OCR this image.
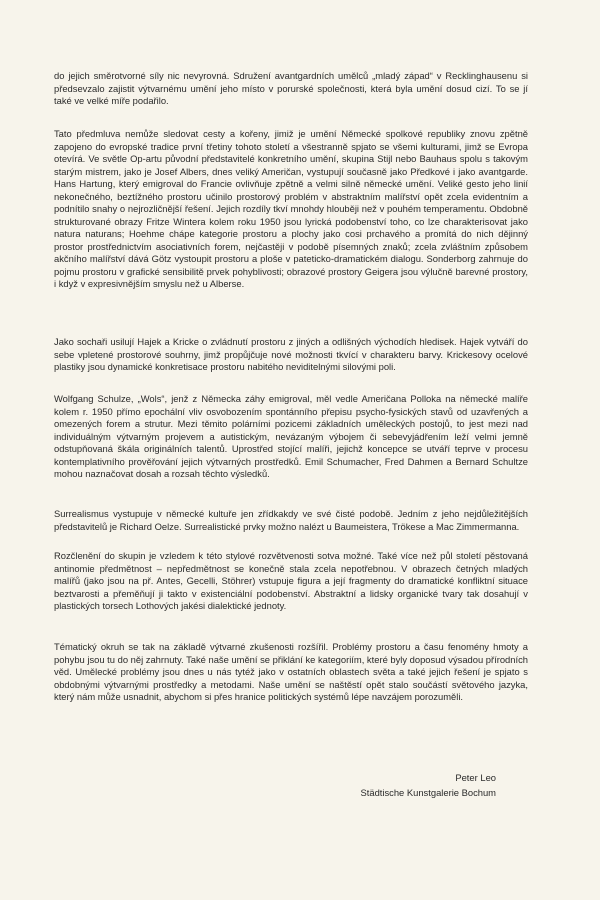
do jejich směrotvorné síly nic nevyrovná. Sdružení avantgardních umělců „mladý západ“ v Recklinghausenu si předsevzalo zajistit výtvarnému umění jeho místo v porurské společnosti, která byla umění dosud cizí. To se jí také ve velké míře podařilo.
Tato předmluva nemůže sledovat cesty a kořeny, jimiž je umění Německé spolkové republiky znovu zpětně zapojeno do evropské tradice první třetiny tohoto století a všestranně spjato se všemi kulturami, jimž se Evropa otevírá. Ve světle Op-artu původní představitelé konkretního umění, skupina Stijl nebo Bauhaus spolu s takovým starým mistrem, jako je Josef Albers, dnes veliký Američan, vystupují současně jako Předkové i jako avantgarde. Hans Hartung, který emigroval do Francie ovlivňuje zpětně a velmi silně německé umění. Veliké gesto jeho linií nekonečného, beztížného prostoru učinilo prostorový problém v abstraktním malířství opět zcela evidentním a podnítilo snahy o nejrozličnější řešení. Jejich rozdíly tkví mnohdy hlouběji než v pouhém temperamentu. Obdobně strukturované obrazy Fritze Wintera kolem roku 1950 jsou lyrická podobenství toho, co lze charakterisovat jako natura naturans; Hoehme chápe kategorie prostoru a plochy jako cosi prchavého a promítá do nich dějinný prostor prostřednictvím asociativních forem, nejčastěji v podobě písemných znaků; zcela zvláštním způsobem akčního malířství dává Götz vystoupit prostoru a ploše v pateticko-dramatickém dialogu. Sonderborg zahrnuje do pojmu prostoru v grafické sensibilitě prvek pohyblivosti; obrazové prostory Geigera jsou výlučně barevné prostory, i když v expresivnějším smyslu než u Alberse.
Jako sochaři usilují Hajek a Kricke o zvládnutí prostoru z jiných a odlišných východích hledisek. Hajek vytváří do sebe vpletené prostorové souhrny, jimž propůjčuje nové možnosti tkvící v charakteru barvy. Krickesovy ocelové plastiky jsou dynamické konkretisace prostoru nabitého neviditelnými silovými poli.
Wolfgang Schulze, „Wols“, jenž z Německa záhy emigroval, měl vedle Američana Polloka na německé malíře kolem r. 1950 přímo epochální vliv osvobozením spontánního přepisu psycho-fysických stavů od uzavřených a omezených forem a strutur. Mezi těmito polárními pozicemi základních uměleckých postojů, to jest mezi nad individuálným výtvarným projevem a autistickým, nevázaným výbojem či sebevyjádřením leží velmi jemně odstupňovaná škála originálních talentů. Uprostřed stojící malíři, jejichž koncepce se utváří teprve v procesu kontemplativního prověřování jejich výtvarných prostředků. Emil Schumacher, Fred Dahmen a Bernard Schultze mohou naznačovat dosah a rozsah těchto výsledků.
Surrealismus vystupuje v německé kultuře jen zřídkakdy ve své čisté podobě. Jedním z jeho nejdůležitějších představitelů je Richard Oelze. Surrealistické prvky možno nalézt u Baumeistera, Trökese a Mac Zimmermanna.
Rozčlenění do skupin je vzledem k této stylové rozvětvenosti sotva možné. Také více než půl století pěstovaná antinomie předmětnost – nepředmětnost se konečně stala zcela nepotřebnou. V obrazech četných mladých malířů (jako jsou na př. Antes, Gecelli, Stöhrer) vstupuje figura a její fragmenty do dramatické konfliktní situace beztvarosti a přeměňují ji takto v existenciální podobenství. Abstraktní a lidsky organické tvary tak dosahují v plastických torsech Lothových jakési dialektické jednoty.
Tématický okruh se tak na základě výtvarné zkušenosti rozšířil. Problémy prostoru a času fenomény hmoty a pohybu jsou tu do něj zahrnuty. Také naše umění se přiklání ke kategoriím, které byly doposud výsadou přírodních věd. Umělecké problémy jsou dnes u nás tytéž jako v ostatních oblastech světa a také jejich řešení je spjato s obdobnými výtvarnými prostředky a metodami. Naše umění se naštěstí opět stalo součástí světového jazyka, který nám může usnadnit, abychom si přes hranice politických systémů lépe navzájem porozuměli.
Peter Leo
Städtische Kunstgalerie Bochum
